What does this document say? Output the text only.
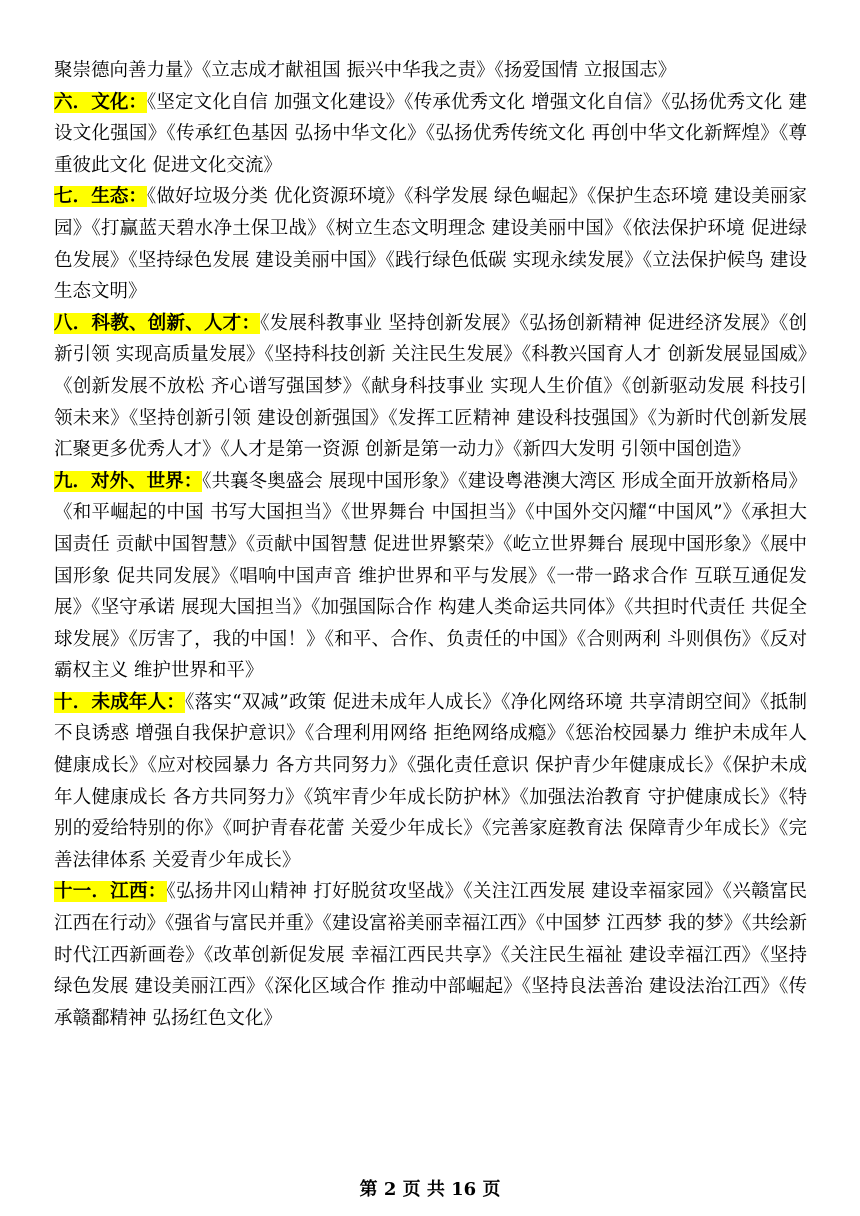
聚崇德向善力量》《立志成才献祖国 振兴中华我之责》《扬爱国情 立报国志》

六．文化：《坚定文化自信 加强文化建设》《传承优秀文化 增强文化自信》《弘扬优秀文化 建设文化强国》《传承红色基因 弘扬中华文化》《弘扬优秀传统文化 再创中华文化新辉煌》《尊重彼此文化 促进文化交流》

七．生态：《做好垃圾分类 优化资源环境》《科学发展 绿色崛起》《保护生态环境 建设美丽家园》《打赢蓝天碧水净土保卫战》《树立生态文明理念 建设美丽中国》《依法保护环境 促进绿色发展》《坚持绿色发展 建设美丽中国》《践行绿色低碳 实现永续发展》《立法保护候鸟 建设生态文明》

八．科教、创新、人才：《发展科教事业 坚持创新发展》《弘扬创新精神 促进经济发展》《创新引领 实现高质量发展》《坚持科技创新 关注民生发展》《科教兴国育人才 创新发展显国威》《创新发展不放松 齐心谱写强国梦》《献身科技事业 实现人生价值》《创新驱动发展 科技引领未来》《坚持创新引领 建设创新强国》《发挥工匠精神 建设科技强国》《为新时代创新发展汇聚更多优秀人才》《人才是第一资源 创新是第一动力》《新四大发明 引领中国创造》

九．对外、世界：《共襄冬奥盛会 展现中国形象》《建设粤港澳大湾区 形成全面开放新格局》《和平崛起的中国 书写大国担当》《世界舞台 中国担当》《中国外交闪耀“中国风”》《承担大国责任 贡献中国智慧》《贡献中国智慧 促进世界繁荣》《屹立世界舞台 展现中国形象》《展中国形象 促共同发展》《唱响中国声音 维护世界和平与发展》《一带一路求合作 互联互通促发展》《坚守承诺 展现大国担当》《加强国际合作 构建人类命运共同体》《共担时代责任 共促全球发展》《厉害了，我的中国！》《和平、合作、负责任的中国》《合则两利 斗则俱伤》《反对霸权主义 维护世界和平》

十．未成年人：《落实“双减”政策 促进未成年人成长》《净化网络环境 共享清朗空间》《抵制不良诱惑 增强自我保护意识》《合理利用网络 拒绝网络成瘾》《惩治校园暴力 维护未成年人健康成长》《应对校园暴力 各方共同努力》《强化责任意识 保护青少年健康成长》《保护未成年人健康成长 各方共同努力》《筑牢青少年成长防护林》《加强法治教育 守护健康成长》《特别的爱给特别的你》《呵护青春花蕾 关爱少年成长》《完善家庭教育法 保障青少年成长》《完善法律体系 关爱青少年成长》

十一．江西：《弘扬井冈山精神 打好脱贫攻坚战》《关注江西发展 建设幸福家园》《兴赣富民 江西在行动》《强省与富民并重》《建设富裕美丽幸福江西》《中国梦 江西梦 我的梦》《共绘新时代江西新画卷》《改革创新促发展 幸福江西民共享》《关注民生福祉 建设幸福江西》《坚持绿色发展 建设美丽江西》《深化区域合作 推动中部崛起》《坚持良法善治 建设法治江西》《传承赣鄱精神 弘扬红色文化》

第 2 页 共 16 页
